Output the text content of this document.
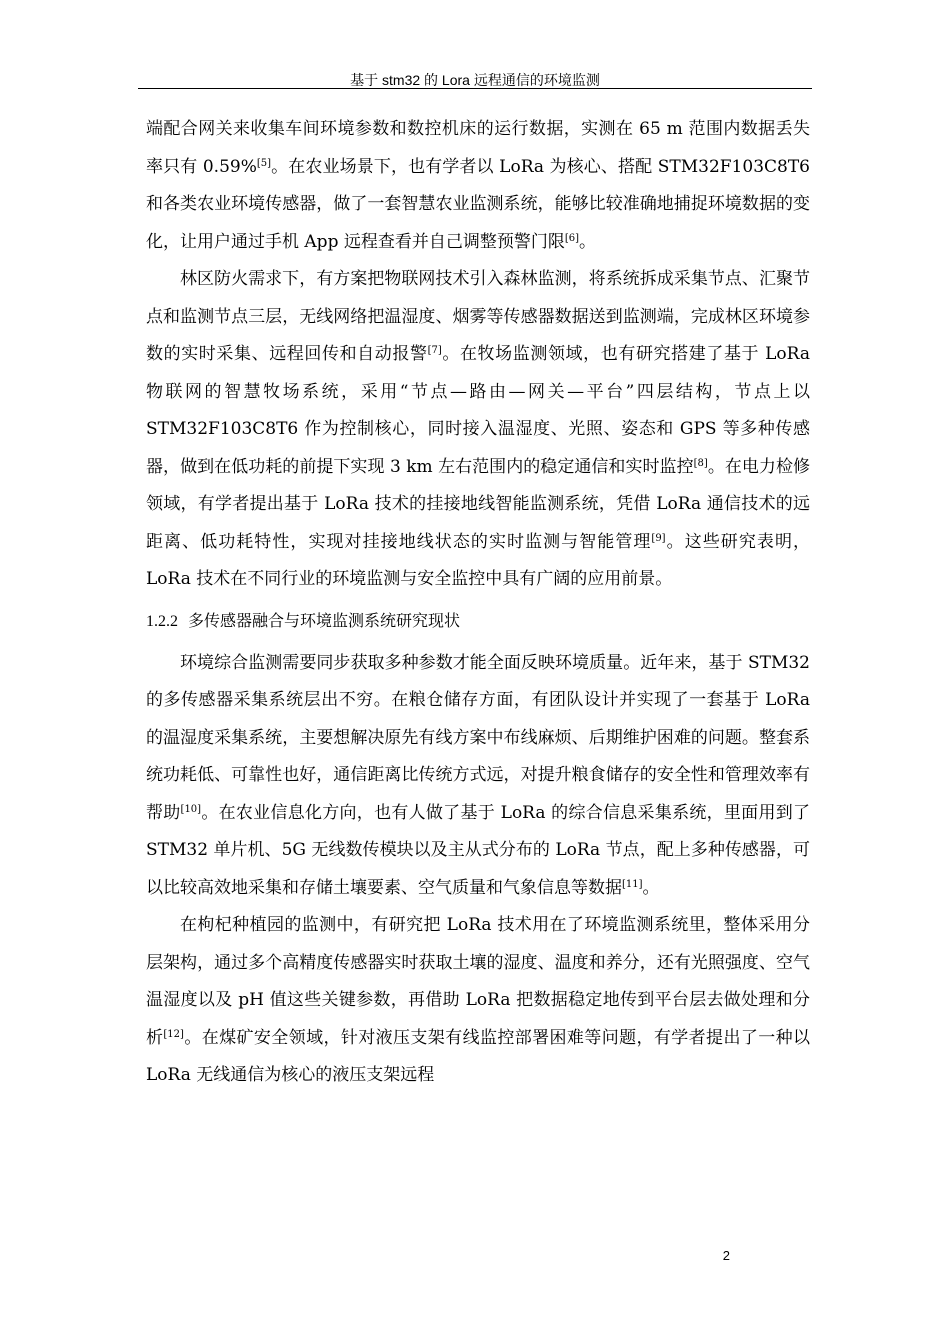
基于 stm32 的 Lora 远程通信的环境监测

端配合网关来收集车间环境参数和数控机床的运行数据，实测在 65 m 范围内数据丢失率只有 0.59%[5]。在农业场景下，也有学者以 LoRa 为核心、搭配 STM32F103C8T6 和各类农业环境传感器，做了一套智慧农业监测系统，能够比较准确地捕捉环境数据的变化，让用户通过手机 App 远程查看并自己调整预警门限[6]。

林区防火需求下，有方案把物联网技术引入森林监测，将系统拆成采集节点、汇聚节点和监测节点三层，无线网络把温湿度、烟雾等传感器数据送到监测端，完成林区环境参数的实时采集、远程回传和自动报警[7]。在牧场监测领域，也有研究搭建了基于 LoRa 物联网的智慧牧场系统，采用“节点—路由—网关—平台”四层结构，节点上以 STM32F103C8T6 作为控制核心，同时接入温湿度、光照、姿态和 GPS 等多种传感器，做到在低功耗的前提下实现 3 km 左右范围内的稳定通信和实时监控[8]。在电力检修领域，有学者提出基于 LoRa 技术的挂接地线智能监测系统，凭借 LoRa 通信技术的远距离、低功耗特性，实现对挂接地线状态的实时监测与智能管理[9]。这些研究表明，LoRa 技术在不同行业的环境监测与安全监控中具有广阔的应用前景。

1.2.2 多传感器融合与环境监测系统研究现状

环境综合监测需要同步获取多种参数才能全面反映环境质量。近年来，基于 STM32 的多传感器采集系统层出不穷。在粮仓储存方面，有团队设计并实现了一套基于 LoRa 的温湿度采集系统，主要想解决原先有线方案中布线麻烦、后期维护困难的问题。整套系统功耗低、可靠性也好，通信距离比传统方式远，对提升粮食储存的安全性和管理效率有帮助[10]。在农业信息化方向，也有人做了基于 LoRa 的综合信息采集系统，里面用到了 STM32 单片机、5G 无线数传模块以及主从式分布的 LoRa 节点，配上多种传感器，可以比较高效地采集和存储土壤要素、空气质量和气象信息等数据[11]。

在枸杞种植园的监测中，有研究把 LoRa 技术用在了环境监测系统里，整体采用分层架构，通过多个高精度传感器实时获取土壤的湿度、温度和养分，还有光照强度、空气温湿度以及 pH 值这些关键参数，再借助 LoRa 把数据稳定地传到平台层去做处理和分析[12]。在煤矿安全领域，针对液压支架有线监控部署困难等问题，有学者提出了一种以 LoRa 无线通信为核心的液压支架远程

2
